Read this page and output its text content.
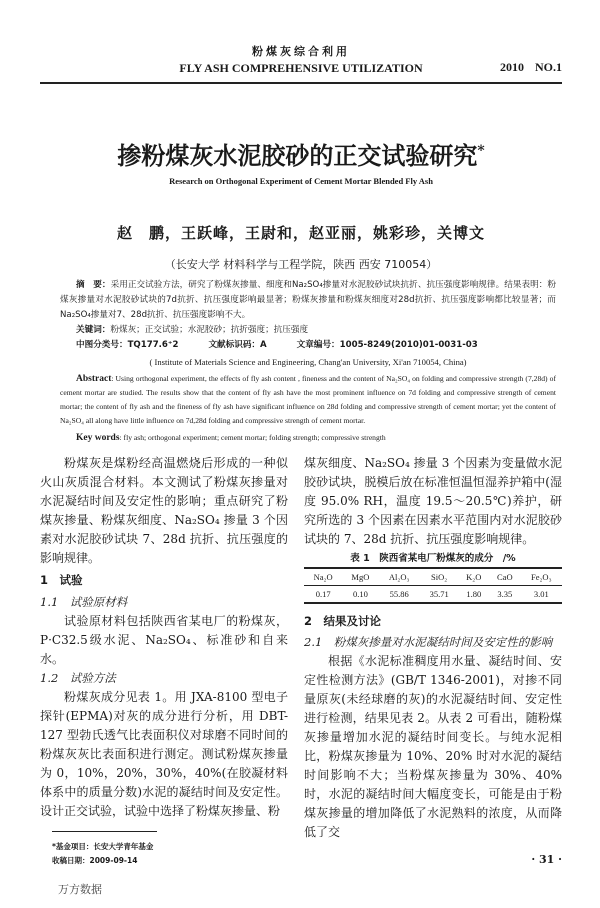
粉煤灰综合利用
FLY ASH COMPREHENSIVE UTILIZATION	2010 NO.1
掺粉煤灰水泥胶砂的正交试验研究*
Research on Orthogonal Experiment of Cement Mortar Blended Fly Ash
赵　鹏，王跃峰，王尉和，赵亚丽，姚彩珍，关博文
（长安大学 材料科学与工程学院，陕西 西安 710054）
摘　要：采用正交试验方法，研究了粉煤灰掺量、细度和Na₂SO₄掺量对水泥胶砂试块抗折、抗压强度影响规律。结果表明：粉煤灰掺量对水泥胶砂试块的7d抗折、抗压强度影响最显著；粉煤灰掺量和粉煤灰细度对28d抗折、抗压强度影响都比较显著；而Na₂SO₄掺量对7、28d抗折、抗压强度影响不大。
关键词：粉煤灰；正交试验；水泥胶砂；抗折强度；抗压强度
中图分类号：TQ177.6⁺2	文献标识码：A	文章编号：1005-8249(2010)01-0031-03
( Institute of Materials Science and Engineering, Chang'an University, Xi'an 710054, China)
Abstract: Using orthogonal experiment, the effects of fly ash content , fineness and the content of Na₂SO₄ on folding and compressive strength (7,28d) of cement mortar are studied. The results show that the content of fly ash have the most prominent influence on 7d folding and compressive strength of cement mortar; the content of fly ash and the fineness of fly ash have significant influence on 28d folding and compressive strength of cement mortar; yet the content of Na₂SO₄ all along have little influence on 7d,28d folding and compressive strength of cement mortar.
Key words: fly ash; orthogonal experiment; cement mortar; folding strength; compressive strength

粉煤灰是煤粉经高温燃烧后形成的一种似火山灰质混合材料。本文测试了粉煤灰掺量对水泥凝结时间及安定性的影响；重点研究了粉煤灰掺量、粉煤灰细度、Na₂SO₄ 掺量 3 个因素对水泥胶砂试块 7、28d 抗折、抗压强度的影响规律。

1　试验

1.1　试验原材料

试验原材料包括陕西省某电厂的粉煤灰，P·C32.5级水泥、Na₂SO₄、标准砂和自来水。

1.2　试验方法

粉煤灰成分见表 1。用 JXA-8100 型电子探针(EPMA)对灰的成分进行分析，用 DBT-127 型勃氏透气比表面积仪对球磨不同时间的粉煤灰灰比表面积进行测定。测试粉煤灰掺量为 0，10%，20%，30%，40%(在胶凝材料体系中的质量分数)水泥的凝结时间及安定性。设计正交试验，试验中选择了粉煤灰掺量、粉

*基金项目：长安大学青年基金
收稿日期：2009-09-14

煤灰细度、Na₂SO₄ 掺量 3 个因素为变量做水泥胶砂试块，脱模后放在标准恒温恒湿养护箱中(湿度 95.0% RH，温度 19.5～20.5℃)养护，研究所选的 3 个因素在因素水平范围内对水泥胶砂试块的 7、28d 抗折、抗压强度影响规律。

表 1　陕西省某电厂粉煤灰的成分　/%
Na₂O	MgO	Al₂O₃	SiO₂	K₂O	CaO	Fe₂O₃
0.17	0.10	55.86	35.71	1.80	3.35	3.01

2　结果及讨论

2.1　粉煤灰掺量对水泥凝结时间及安定性的影响

根据《水泥标准稠度用水量、凝结时间、安定性检测方法》(GB/T 1346-2001)，对掺不同量原灰(未经球磨的灰)的水泥凝结时间、安定性进行检测，结果见表 2。从表 2 可看出，随粉煤灰掺量增加水泥的凝结时间变长。与纯水泥相比，粉煤灰掺量为 10%、20% 时对水泥的凝结时间影响不大；当粉煤灰掺量为 30%、40% 时，水泥的凝结时间大幅度变长，可能是由于粉煤灰掺量的增加降低了水泥熟料的浓度，从而降低了交

· 31 ·
万方数据
